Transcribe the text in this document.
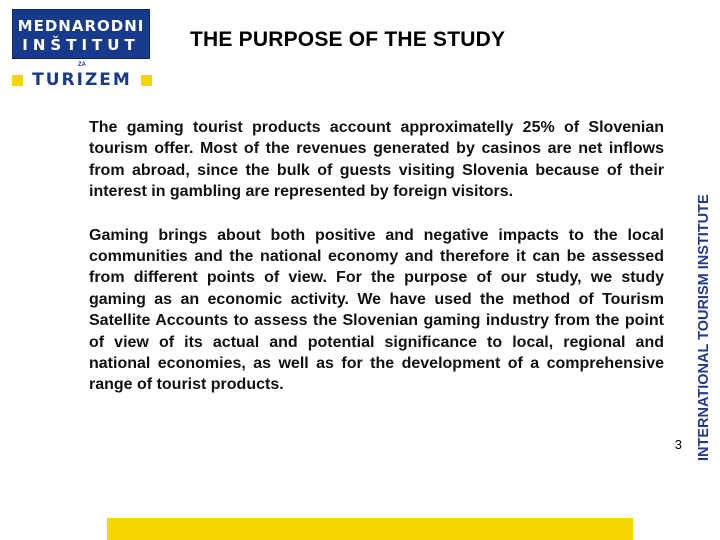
MEDNARODNI
INŠTITUT
ZA
TURIZEM
THE PURPOSE OF THE STUDY
INTERNATIONAL TOURISM INSTITUTE

The gaming tourist products account approximatelly 25% of Slovenian tourism offer. Most of the revenues generated by casinos are net inflows from abroad, since the bulk of guests visiting Slovenia because of their interest in gambling are represented by foreign visitors.

Gaming brings about both positive and negative impacts to the local communities and the national economy and therefore it can be assessed from different points of view. For the purpose of our study, we study gaming as an economic activity. We have used the method of Tourism Satellite Accounts to assess the Slovenian gaming industry from the point of view of its actual and potential significance to local, regional and national economies, as well as for the development of a comprehensive range of tourist products.

3
